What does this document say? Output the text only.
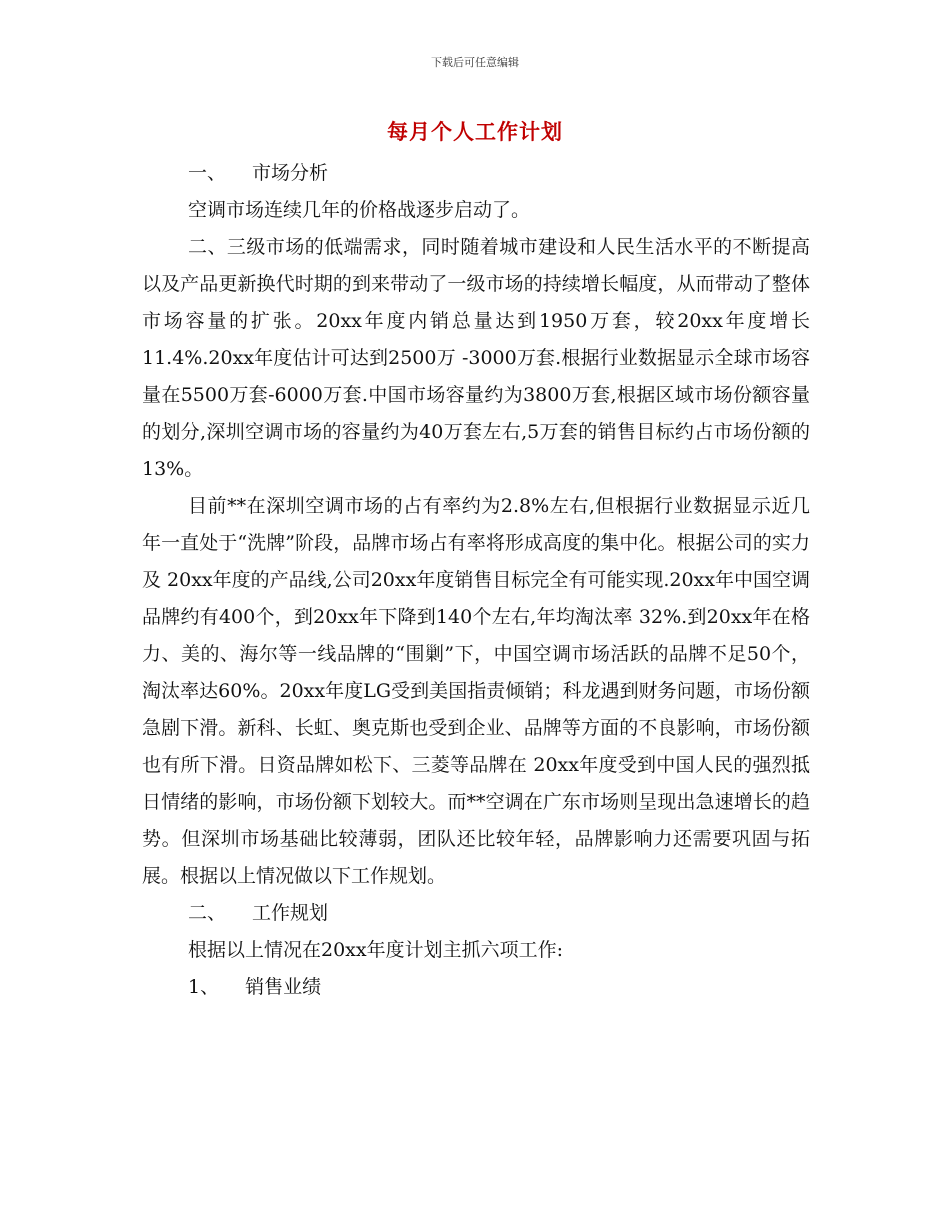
下载后可任意编辑
每月个人工作计划

一、 市场分析

空调市场连续几年的价格战逐步启动了。

二、三级市场的低端需求，同时随着城市建设和人民生活水平的不断提高以及产品更新换代时期的到来带动了一级市场的持续增长幅度，从而带动了整体市场容量的扩张。20xx年度内销总量达到1950万套，较20xx年度增长11.4%.20xx年度估计可达到2500万 -3000万套.根据行业数据显示全球市场容量在5500万套-6000万套.中国市场容量约为3800万套,根据区域市场份额容量的划分,深圳空调市场的容量约为40万套左右,5万套的销售目标约占市场份额的13%。

目前**在深圳空调市场的占有率约为2.8%左右,但根据行业数据显示近几年一直处于“洗牌”阶段，品牌市场占有率将形成高度的集中化。根据公司的实力及 20xx年度的产品线,公司20xx年度销售目标完全有可能实现.20xx年中国空调品牌约有400个，到20xx年下降到140个左右,年均淘汰率 32%.到20xx年在格力、美的、海尔等一线品牌的“围剿”下，中国空调市场活跃的品牌不足50个，淘汰率达60%。20xx年度LG受到美国指责倾销；科龙遇到财务问题，市场份额急剧下滑。新科、长虹、奥克斯也受到企业、品牌等方面的不良影响，市场份额也有所下滑。日资品牌如松下、三菱等品牌在 20xx年度受到中国人民的强烈抵日情绪的影响，市场份额下划较大。而**空调在广东市场则呈现出急速增长的趋势。但深圳市场基础比较薄弱，团队还比较年轻，品牌影响力还需要巩固与拓展。根据以上情况做以下工作规划。

二、 工作规划

根据以上情况在20xx年度计划主抓六项工作:

1、 销售业绩
